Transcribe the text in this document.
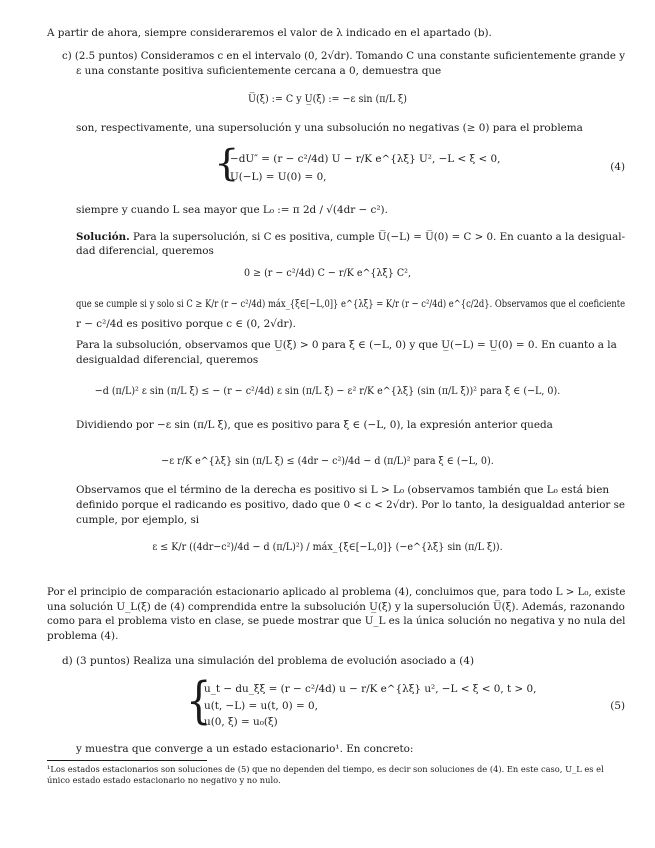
A partir de ahora, siempre consideraremos el valor de λ indicado en el apartado (b).
c) (2.5 puntos) Consideramos c en el intervalo (0, 2√dr). Tomando C una constante suficientemente grande y
ε una constante positiva suficientemente cercana a 0, demuestra que
U̅(ξ) := C y U̲(ξ) := −ε sin (π/L ξ)
son, respectivamente, una supersolución y una subsolución no negativas (≥ 0) para el problema
{
−dU″ = (r − c²/4d) U − r/K e^{λξ} U², −L < ξ < 0,
U(−L) = U(0) = 0,
(4)
siempre y cuando L sea mayor que L₀ := π 2d / √(4dr − c²).
Solución. Para la supersolución, si C es positiva, cumple U̅(−L) = U̅(0) = C > 0. En cuanto a la desigual-
dad diferencial, queremos
0 ≥ (r − c²/4d) C − r/K e^{λξ} C²,
que se cumple si y solo si C ≥ K/r (r − c²/4d) máx_{ξ∈[−L,0]} e^{λξ} = K/r (r − c²/4d) e^{c/2d}. Observamos que el coeficiente
r − c²/4d es positivo porque c ∈ (0, 2√dr).
Para la subsolución, observamos que U̲(ξ) > 0 para ξ ∈ (−L, 0) y que U̲(−L) = U̲(0) = 0. En cuanto a la
desigualdad diferencial, queremos
−d (π/L)² ε sin (π/L ξ) ≤ − (r − c²/4d) ε sin (π/L ξ) − ε² r/K e^{λξ} (sin (π/L ξ))² para ξ ∈ (−L, 0).
Dividiendo por −ε sin (π/L ξ), que es positivo para ξ ∈ (−L, 0), la expresión anterior queda
−ε r/K e^{λξ} sin (π/L ξ) ≤ (4dr − c²)/4d − d (π/L)² para ξ ∈ (−L, 0).
Observamos que el término de la derecha es positivo si L > L₀ (observamos también que L₀ está bien
definido porque el radicando es positivo, dado que 0 < c < 2√dr). Por lo tanto, la desigualdad anterior se
cumple, por ejemplo, si
ε ≤ K/r ((4dr−c²)/4d − d (π/L)²) / máx_{ξ∈[−L,0]} (−e^{λξ} sin (π/L ξ)).
Por el principio de comparación estacionario aplicado al problema (4), concluimos que, para todo L > L₀, existe
una solución U_L(ξ) de (4) comprendida entre la subsolución U̲(ξ) y la supersolución U̅(ξ). Además, razonando
como para el problema visto en clase, se puede mostrar que U_L es la única solución no negativa y no nula del
problema (4).
d) (3 puntos) Realiza una simulación del problema de evolución asociado a (4)
{
u_t − du_ξξ = (r − c²/4d) u − r/K e^{λξ} u², −L < ξ < 0, t > 0,
u(t, −L) = u(t, 0) = 0,
u(0, ξ) = u₀(ξ)
(5)
y muestra que converge a un estado estacionario¹. En concreto:
¹Los estados estacionarios son soluciones de (5) que no dependen del tiempo, es decir son soluciones de (4). En este caso, U_L es el
único estado estado estacionario no negativo y no nulo.
